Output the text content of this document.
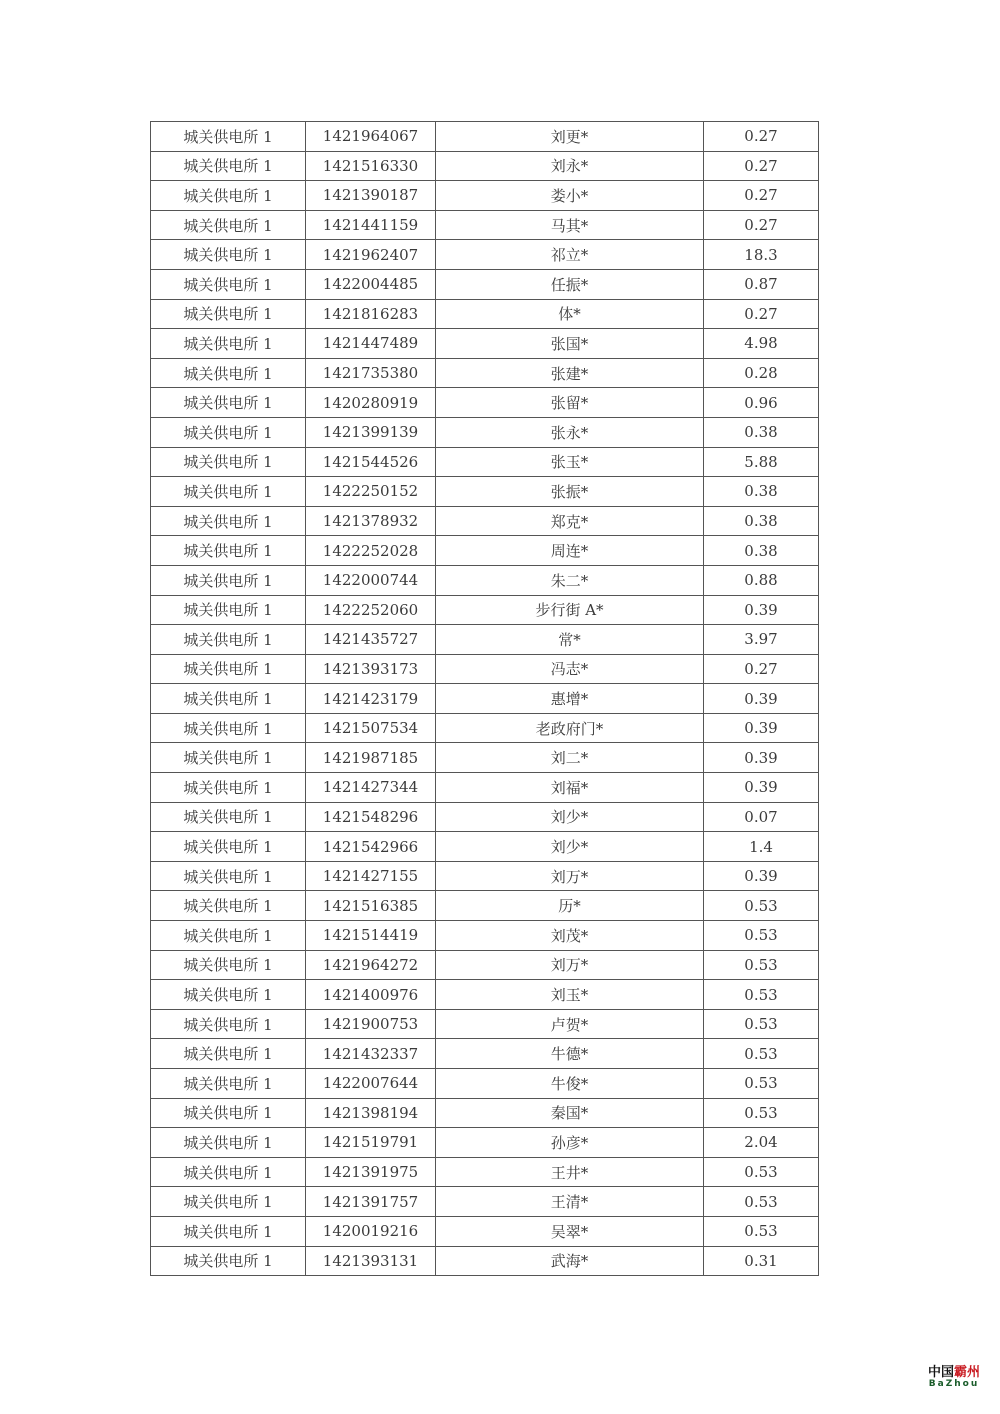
城关供电所 1	1421964067	刘更*	0.27
城关供电所 1	1421516330	刘永*	0.27
城关供电所 1	1421390187	娄小*	0.27
城关供电所 1	1421441159	马其*	0.27
城关供电所 1	1421962407	祁立*	18.3
城关供电所 1	1422004485	任振*	0.87
城关供电所 1	1421816283	体*	0.27
城关供电所 1	1421447489	张国*	4.98
城关供电所 1	1421735380	张建*	0.28
城关供电所 1	1420280919	张留*	0.96
城关供电所 1	1421399139	张永*	0.38
城关供电所 1	1421544526	张玉*	5.88
城关供电所 1	1422250152	张振*	0.38
城关供电所 1	1421378932	郑克*	0.38
城关供电所 1	1422252028	周连*	0.38
城关供电所 1	1422000744	朱二*	0.88
城关供电所 1	1422252060	步行街 A*	0.39
城关供电所 1	1421435727	常*	3.97
城关供电所 1	1421393173	冯志*	0.27
城关供电所 1	1421423179	惠增*	0.39
城关供电所 1	1421507534	老政府门*	0.39
城关供电所 1	1421987185	刘二*	0.39
城关供电所 1	1421427344	刘福*	0.39
城关供电所 1	1421548296	刘少*	0.07
城关供电所 1	1421542966	刘少*	1.4
城关供电所 1	1421427155	刘万*	0.39
城关供电所 1	1421516385	历*	0.53
城关供电所 1	1421514419	刘茂*	0.53
城关供电所 1	1421964272	刘万*	0.53
城关供电所 1	1421400976	刘玉*	0.53
城关供电所 1	1421900753	卢贺*	0.53
城关供电所 1	1421432337	牛德*	0.53
城关供电所 1	1422007644	牛俊*	0.53
城关供电所 1	1421398194	秦国*	0.53
城关供电所 1	1421519791	孙彦*	2.04
城关供电所 1	1421391975	王井*	0.53
城关供电所 1	1421391757	王清*	0.53
城关供电所 1	1420019216	吴翠*	0.53
城关供电所 1	1421393131	武海*	0.31
中国霸州
BaZhou
